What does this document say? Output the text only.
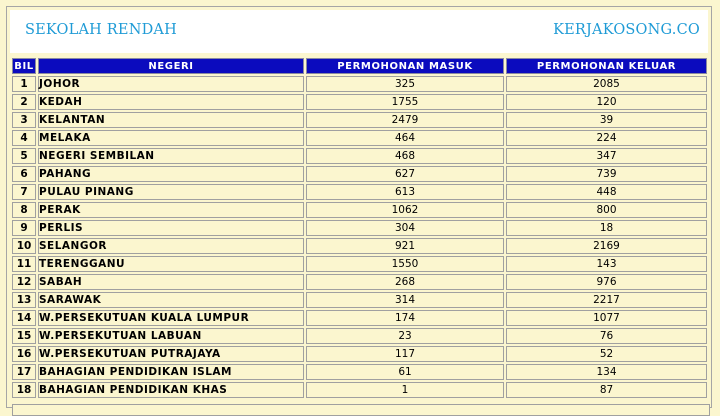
SEKOLAH RENDAH	KERJAKOSONG.CO
BIL	NEGERI	PERMOHONAN MASUK	PERMOHONAN KELUAR
1	JOHOR	325	2085
2	KEDAH	1755	120
3	KELANTAN	2479	39
4	MELAKA	464	224
5	NEGERI SEMBILAN	468	347
6	PAHANG	627	739
7	PULAU PINANG	613	448
8	PERAK	1062	800
9	PERLIS	304	18
10	SELANGOR	921	2169
11	TERENGGANU	1550	143
12	SABAH	268	976
13	SARAWAK	314	2217
14	W.PERSEKUTUAN KUALA LUMPUR	174	1077
15	W.PERSEKUTUAN LABUAN	23	76
16	W.PERSEKUTUAN PUTRAJAYA	117	52
17	BAHAGIAN PENDIDIKAN ISLAM	61	134
18	BAHAGIAN PENDIDIKAN KHAS	1	87
